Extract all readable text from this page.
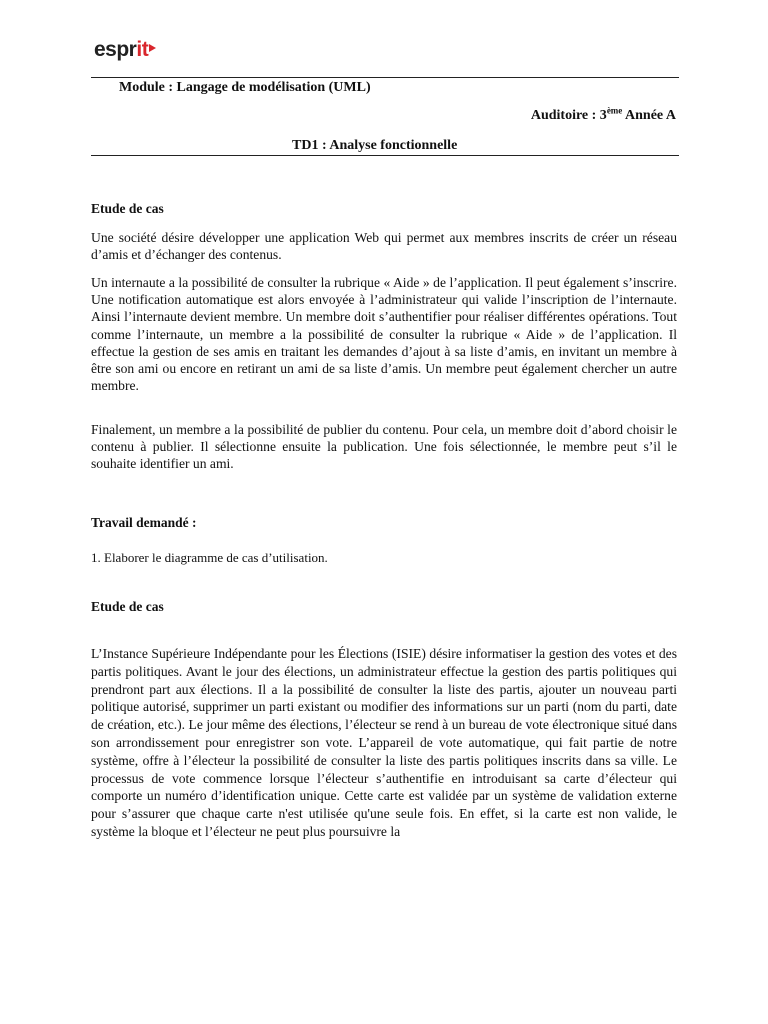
esprit
Module : Langage de modélisation (UML)
Auditoire : 3ème Année A
TD1 : Analyse fonctionnelle
Etude de cas

Une société désire développer une application Web qui permet aux membres inscrits de créer un réseau d’amis et d’échanger des contenus.

Un internaute a la possibilité de consulter la rubrique « Aide » de l’application. Il peut également s’inscrire. Une notification automatique est alors envoyée à l’administrateur qui valide l’inscription de l’internaute. Ainsi l’internaute devient membre. Un membre doit s’authentifier pour réaliser différentes opérations. Tout comme l’internaute, un membre a la possibilité de consulter la rubrique « Aide » de l’application. Il effectue la gestion de ses amis en traitant les demandes d’ajout à sa liste d’amis, en invitant un membre à être son ami ou encore en retirant un ami de sa liste d’amis. Un membre peut également chercher un autre membre.

Finalement, un membre a la possibilité de publier du contenu. Pour cela, un membre doit d’abord choisir le contenu à publier. Il sélectionne ensuite la publication. Une fois sélectionnée, le membre peut s’il le souhaite identifier un ami.

Travail demandé :
1. Elaborer le diagramme de cas d’utilisation.
Etude de cas

L’Instance Supérieure Indépendante pour les Élections (ISIE) désire informatiser la gestion des votes et des partis politiques. Avant le jour des élections, un administrateur effectue la gestion des partis politiques qui prendront part aux élections. Il a la possibilité de consulter la liste des partis, ajouter un nouveau parti politique autorisé, supprimer un parti existant ou modifier des informations sur un parti (nom du parti, date de création, etc.). Le jour même des élections, l’électeur se rend à un bureau de vote électronique situé dans son arrondissement pour enregistrer son vote. L’appareil de vote automatique, qui fait partie de notre système, offre à l’électeur la possibilité de consulter la liste des partis politiques inscrits dans sa ville. Le processus de vote commence lorsque l’électeur s’authentifie en introduisant sa carte d’électeur qui comporte un numéro d’identification unique. Cette carte est validée par un système de validation externe pour s’assurer que chaque carte n'est utilisée qu'une seule fois. En effet, si la carte est non valide, le système la bloque et l’électeur ne peut plus poursuivre la
